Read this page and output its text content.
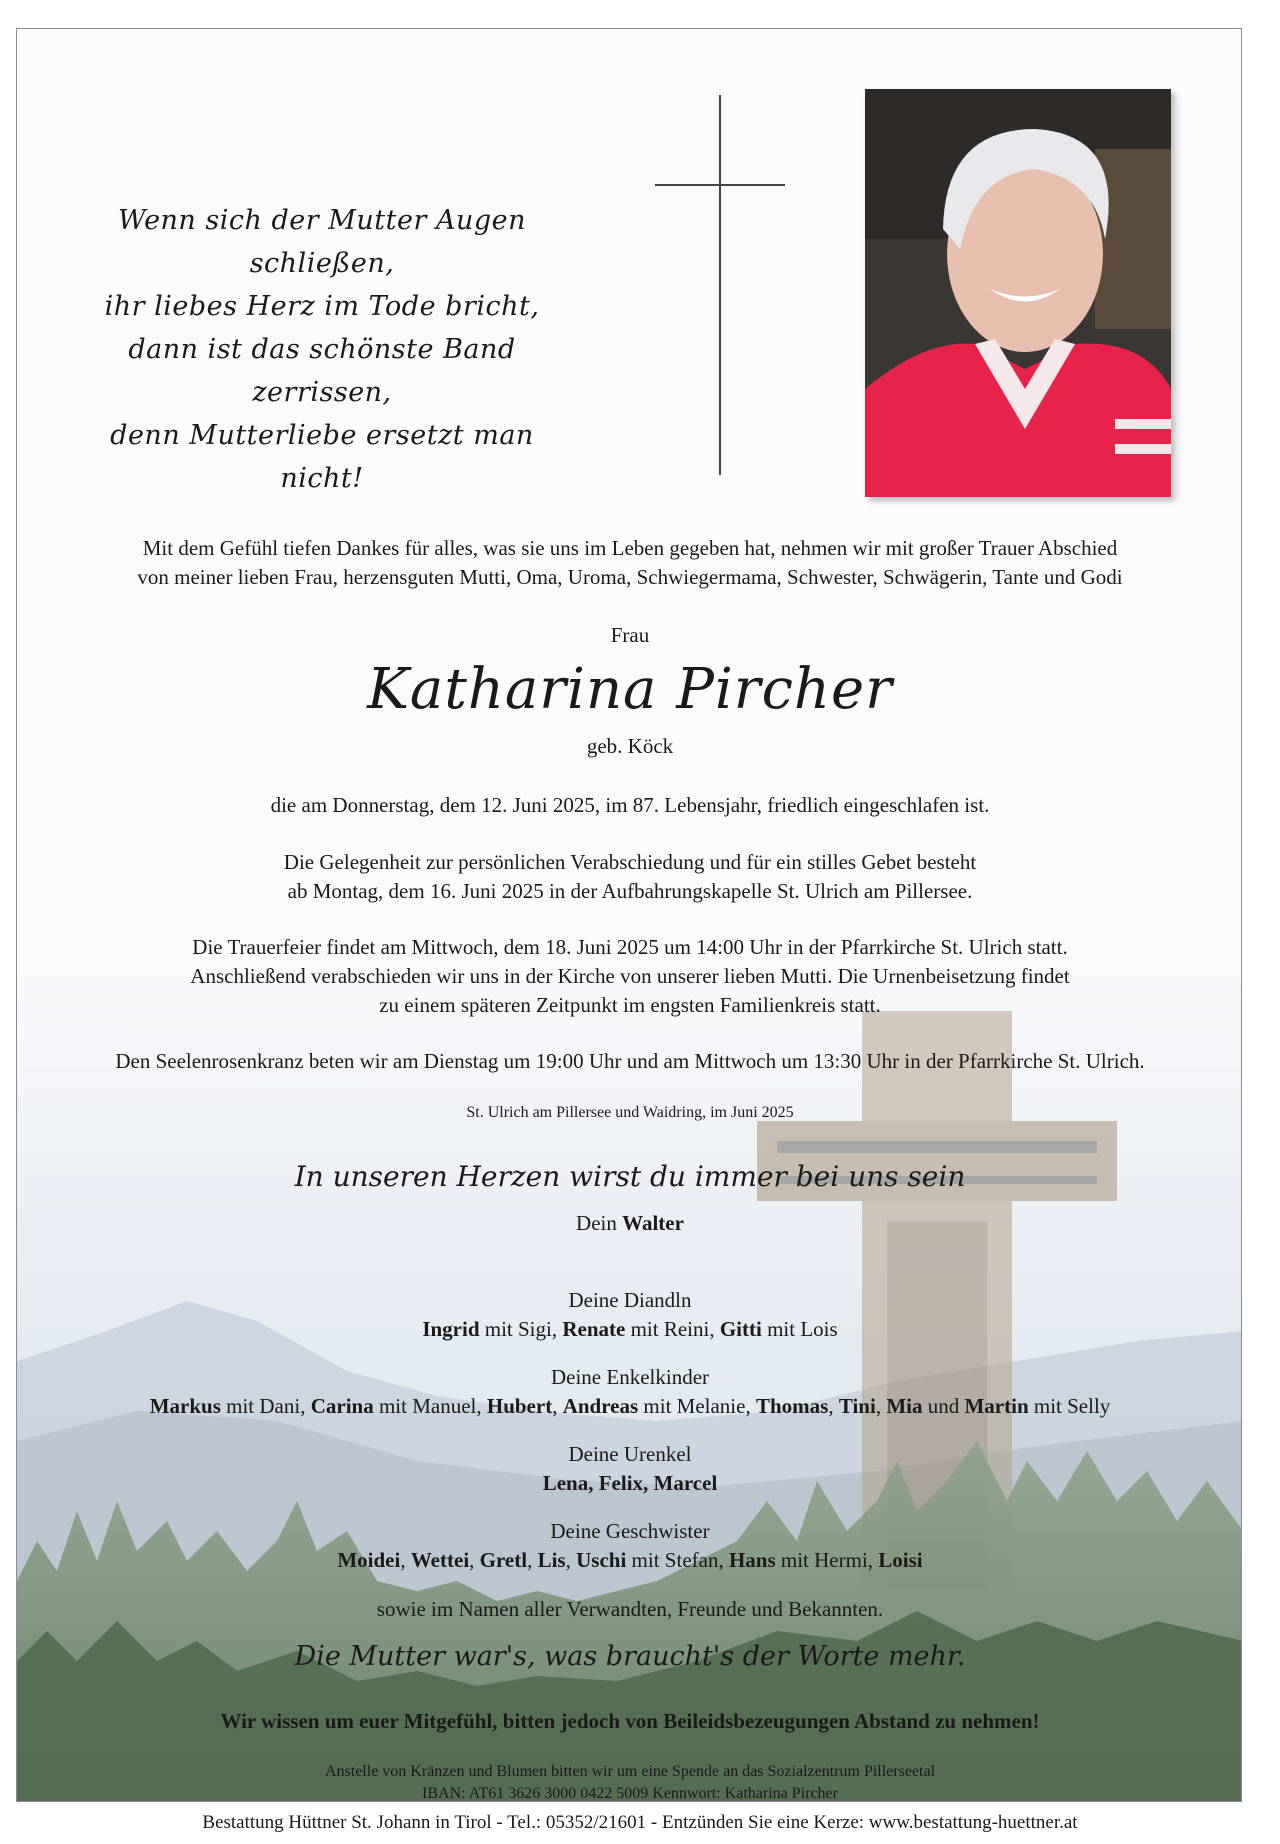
Wenn sich der Mutter Augen schließen,
ihr liebes Herz im Tode bricht,
dann ist das schönste Band zerrissen,
denn Mutterliebe ersetzt man nicht!
Mit dem Gefühl tiefen Dankes für alles, was sie uns im Leben gegeben hat, nehmen wir mit großer Trauer Abschied
von meiner lieben Frau, herzensguten Mutti, Oma, Uroma, Schwiegermama, Schwester, Schwägerin, Tante und Godi
Frau
Katharina Pircher
geb. Köck
die am Donnerstag, dem 12. Juni 2025, im 87. Lebensjahr, friedlich eingeschlafen ist.
Die Gelegenheit zur persönlichen Verabschiedung und für ein stilles Gebet besteht
ab Montag, dem 16. Juni 2025 in der Aufbahrungskapelle St. Ulrich am Pillersee.
Die Trauerfeier findet am Mittwoch, dem 18. Juni 2025 um 14:00 Uhr in der Pfarrkirche St. Ulrich statt.
Anschließend verabschieden wir uns in der Kirche von unserer lieben Mutti. Die Urnenbeisetzung findet
zu einem späteren Zeitpunkt im engsten Familienkreis statt.
Den Seelenrosenkranz beten wir am Dienstag um 19:00 Uhr und am Mittwoch um 13:30 Uhr in der Pfarrkirche St. Ulrich.
St. Ulrich am Pillersee und Waidring, im Juni 2025
In unseren Herzen wirst du immer bei uns sein
Dein Walter
Deine Diandln
Ingrid mit Sigi, Renate mit Reini, Gitti mit Lois
Deine Enkelkinder
Markus mit Dani, Carina mit Manuel, Hubert, Andreas mit Melanie, Thomas, Tini, Mia und Martin mit Selly
Deine Urenkel
Lena, Felix, Marcel
Deine Geschwister
Moidei, Wettei, Gretl, Lis, Uschi mit Stefan, Hans mit Hermi, Loisi
sowie im Namen aller Verwandten, Freunde und Bekannten.
Die Mutter war's, was braucht's der Worte mehr.
Wir wissen um euer Mitgefühl, bitten jedoch von Beileidsbezeugungen Abstand zu nehmen!
Anstelle von Kränzen und Blumen bitten wir um eine Spende an das Sozialzentrum Pillerseetal
IBAN: AT61 3626 3000 0422 5009 Kennwort: Katharina Pircher
Bestattung Hüttner St. Johann in Tirol - Tel.: 05352/21601 - Entzünden Sie eine Kerze: www.bestattung-huettner.at
